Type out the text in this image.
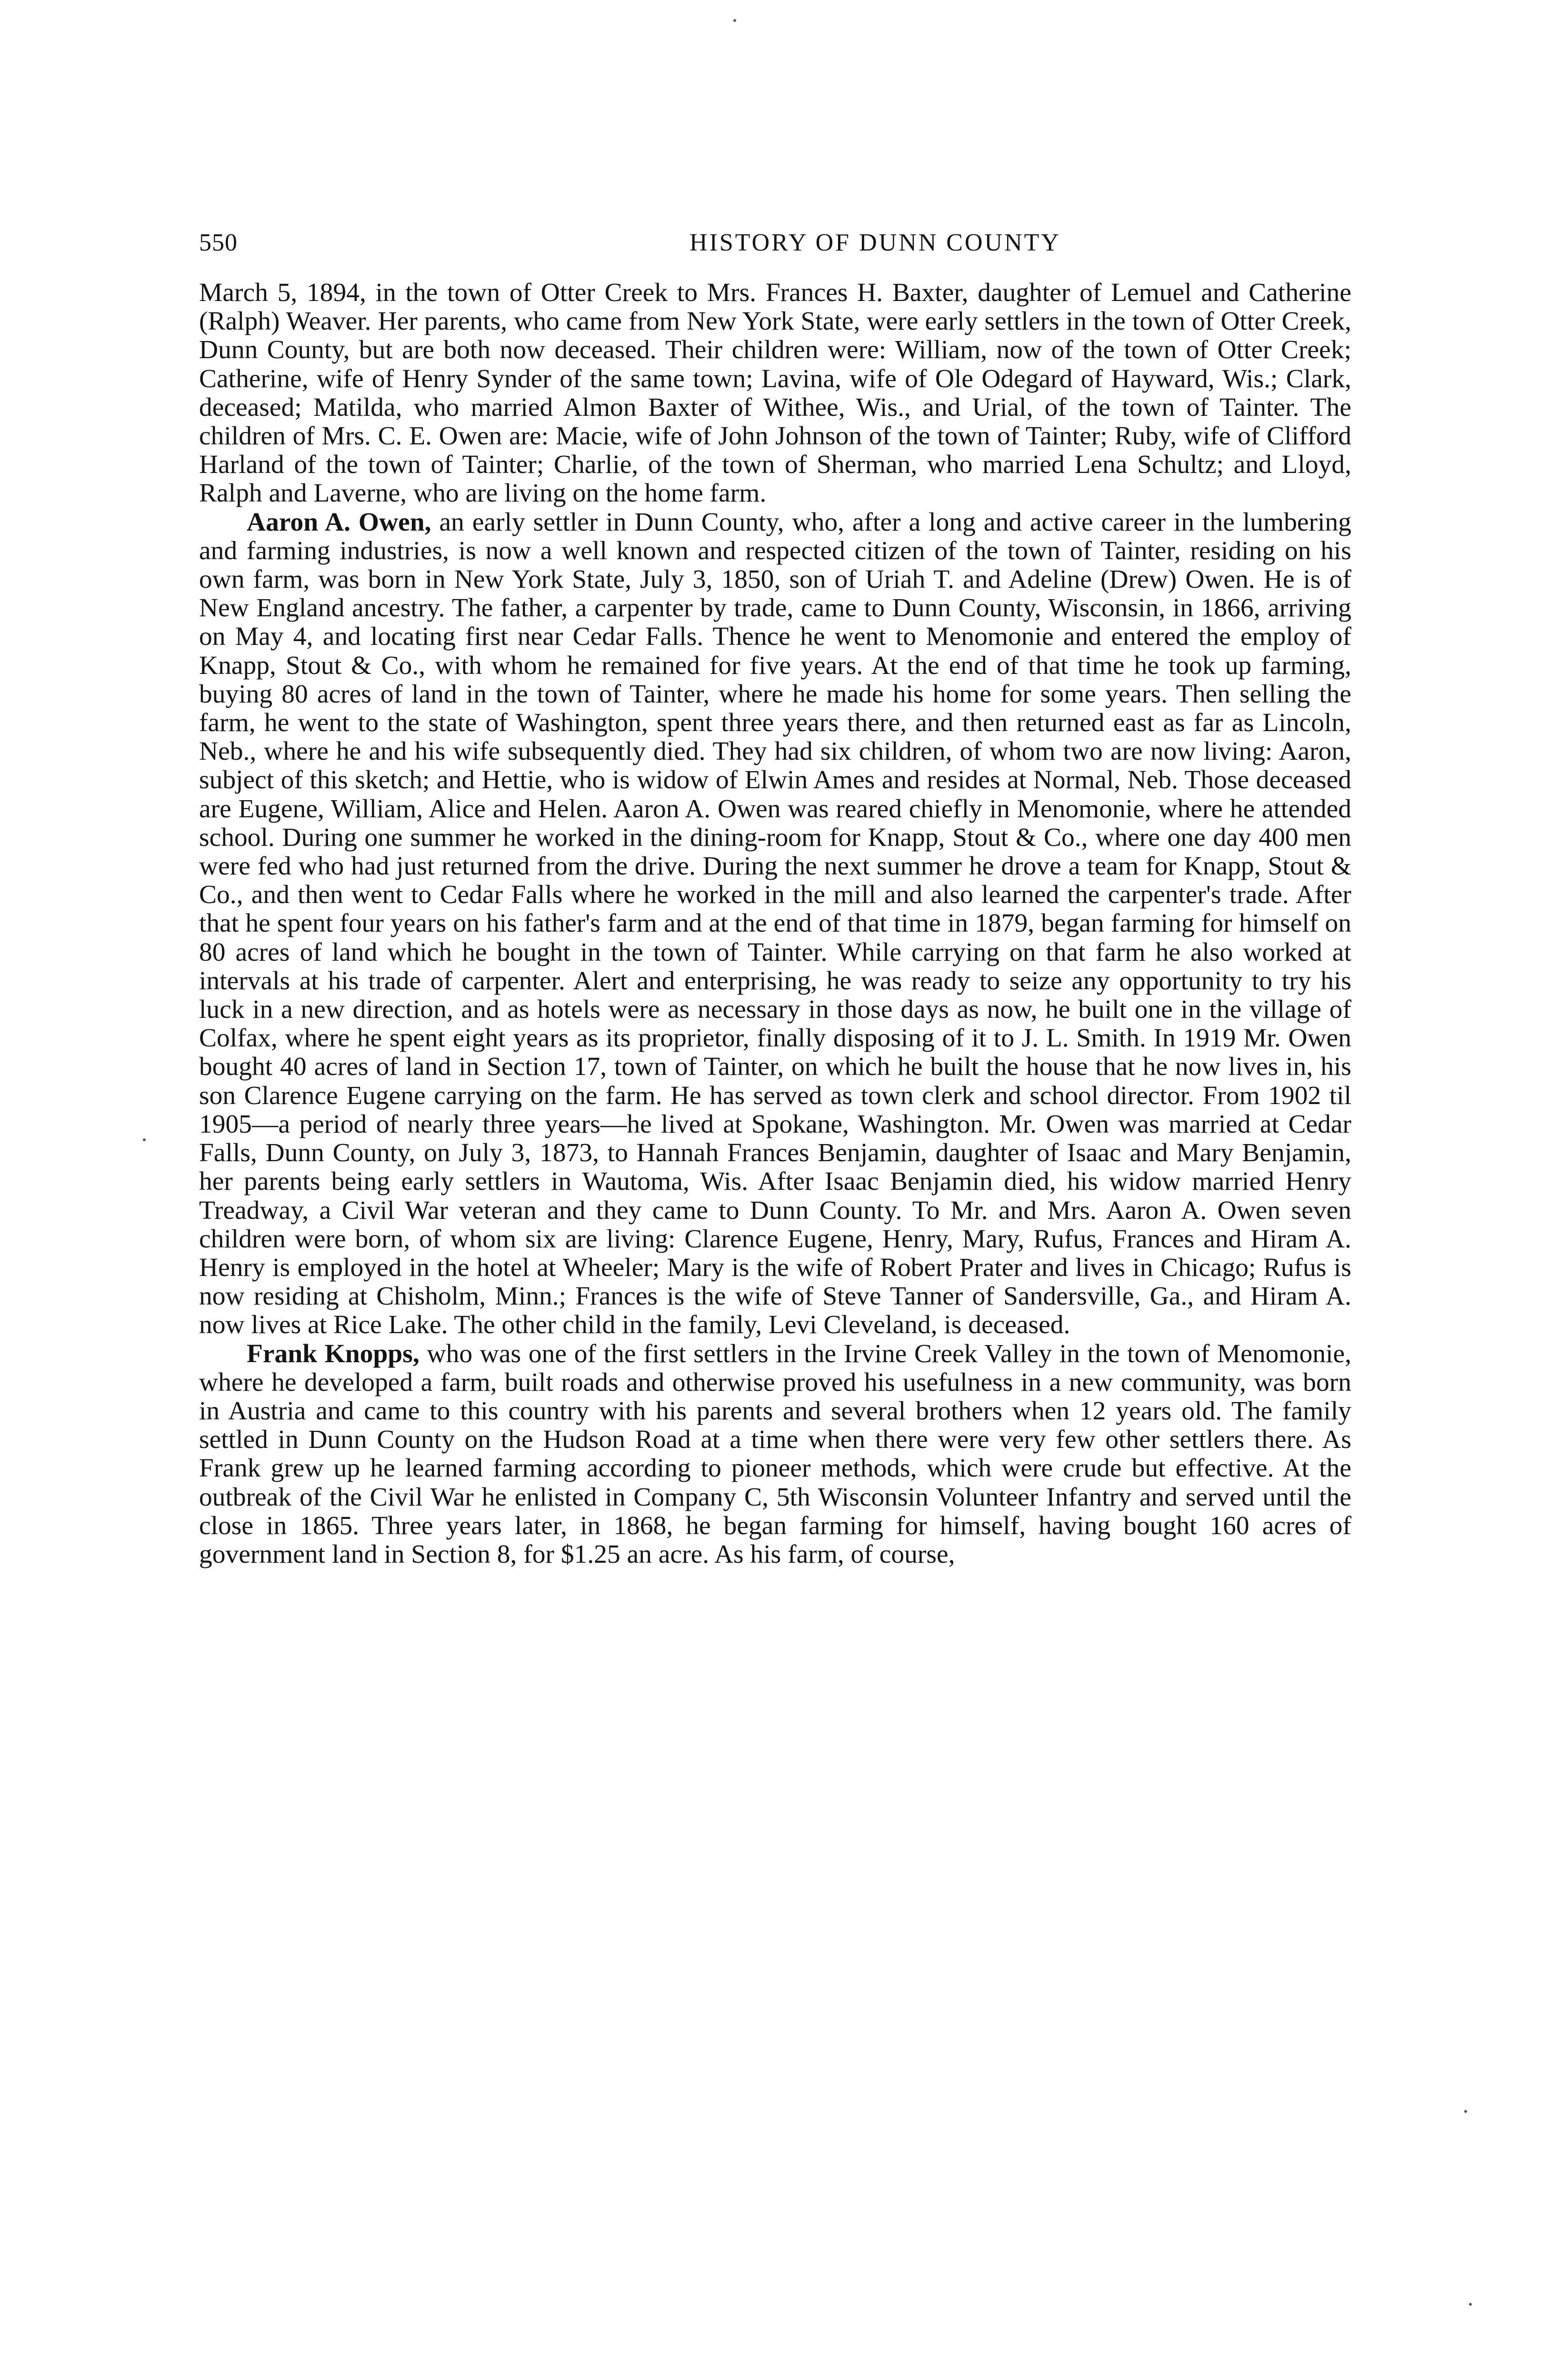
550	HISTORY OF DUNN COUNTY

March 5, 1894, in the town of Otter Creek to Mrs. Frances H. Baxter, daughter of Lemuel and Catherine (Ralph) Weaver. Her parents, who came from New York State, were early settlers in the town of Otter Creek, Dunn County, but are both now deceased. Their children were: William, now of the town of Otter Creek; Catherine, wife of Henry Synder of the same town; Lavina, wife of Ole Odegard of Hayward, Wis.; Clark, deceased; Matilda, who married Almon Baxter of Withee, Wis., and Urial, of the town of Tainter. The children of Mrs. C. E. Owen are: Macie, wife of John Johnson of the town of Tainter; Ruby, wife of Clifford Harland of the town of Tainter; Charlie, of the town of Sherman, who married Lena Schultz; and Lloyd, Ralph and Laverne, who are living on the home farm.

Aaron A. Owen, an early settler in Dunn County, who, after a long and active career in the lumbering and farming industries, is now a well known and respected citizen of the town of Tainter, residing on his own farm, was born in New York State, July 3, 1850, son of Uriah T. and Adeline (Drew) Owen. He is of New England ancestry. The father, a carpenter by trade, came to Dunn County, Wisconsin, in 1866, arriving on May 4, and locating first near Cedar Falls. Thence he went to Menomonie and entered the employ of Knapp, Stout & Co., with whom he remained for five years. At the end of that time he took up farming, buying 80 acres of land in the town of Tainter, where he made his home for some years. Then selling the farm, he went to the state of Washington, spent three years there, and then returned east as far as Lincoln, Neb., where he and his wife subsequently died. They had six children, of whom two are now living: Aaron, subject of this sketch; and Hettie, who is widow of Elwin Ames and resides at Normal, Neb. Those deceased are Eugene, William, Alice and Helen. Aaron A. Owen was reared chiefly in Menomonie, where he attended school. During one summer he worked in the dining-room for Knapp, Stout & Co., where one day 400 men were fed who had just returned from the drive. During the next summer he drove a team for Knapp, Stout & Co., and then went to Cedar Falls where he worked in the mill and also learned the carpenter's trade. After that he spent four years on his father's farm and at the end of that time in 1879, began farming for himself on 80 acres of land which he bought in the town of Tainter. While carrying on that farm he also worked at intervals at his trade of carpenter. Alert and enterprising, he was ready to seize any opportunity to try his luck in a new direction, and as hotels were as necessary in those days as now, he built one in the village of Colfax, where he spent eight years as its proprietor, finally disposing of it to J. L. Smith. In 1919 Mr. Owen bought 40 acres of land in Section 17, town of Tainter, on which he built the house that he now lives in, his son Clarence Eugene carrying on the farm. He has served as town clerk and school director. From 1902 til 1905—a period of nearly three years—he lived at Spokane, Washington. Mr. Owen was married at Cedar Falls, Dunn County, on July 3, 1873, to Hannah Frances Benjamin, daughter of Isaac and Mary Benjamin, her parents being early settlers in Wautoma, Wis. After Isaac Benjamin died, his widow married Henry Treadway, a Civil War veteran and they came to Dunn County. To Mr. and Mrs. Aaron A. Owen seven children were born, of whom six are living: Clarence Eugene, Henry, Mary, Rufus, Frances and Hiram A. Henry is employed in the hotel at Wheeler; Mary is the wife of Robert Prater and lives in Chicago; Rufus is now residing at Chisholm, Minn.; Frances is the wife of Steve Tanner of Sandersville, Ga., and Hiram A. now lives at Rice Lake. The other child in the family, Levi Cleveland, is deceased.

Frank Knopps, who was one of the first settlers in the Irvine Creek Valley in the town of Menomonie, where he developed a farm, built roads and otherwise proved his usefulness in a new community, was born in Austria and came to this country with his parents and several brothers when 12 years old. The family settled in Dunn County on the Hudson Road at a time when there were very few other settlers there. As Frank grew up he learned farming according to pioneer methods, which were crude but effective. At the outbreak of the Civil War he enlisted in Company C, 5th Wisconsin Volunteer Infantry and served until the close in 1865. Three years later, in 1868, he began farming for himself, having bought 160 acres of government land in Section 8, for $1.25 an acre. As his farm, of course,
